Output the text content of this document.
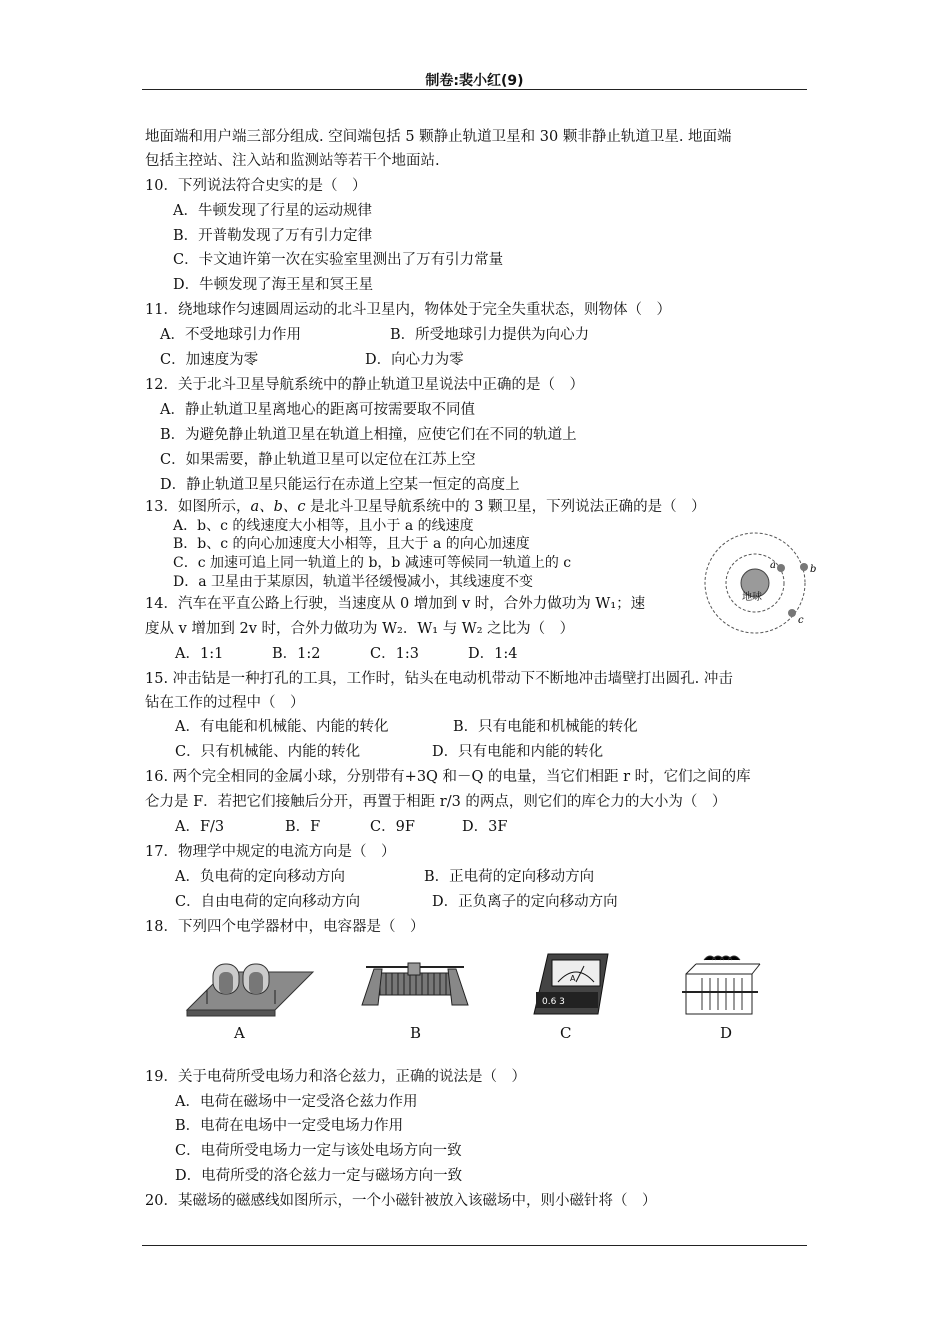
制卷:裴小红(9)
地面端和用户端三部分组成. 空间端包括 5 颗静止轨道卫星和 30 颗非静止轨道卫星. 地面端
包括主控站、注入站和监测站等若干个地面站.
10．下列说法符合史实的是（　）
A．牛顿发现了行星的运动规律
B．开普勒发现了万有引力定律
C．卡文迪许第一次在实验室里测出了万有引力常量
D．牛顿发现了海王星和冥王星
11．绕地球作匀速圆周运动的北斗卫星内，物体处于完全失重状态，则物体（　）
A．不受地球引力作用	B．所受地球引力提供为向心力
C．加速度为零	D．向心力为零
12．关于北斗卫星导航系统中的静止轨道卫星说法中正确的是（　）
A．静止轨道卫星离地心的距离可按需要取不同值
B．为避免静止轨道卫星在轨道上相撞，应使它们在不同的轨道上
C．如果需要，静止轨道卫星可以定位在江苏上空
D．静止轨道卫星只能运行在赤道上空某一恒定的高度上
13．如图所示，a、b、c 是北斗卫星导航系统中的 3 颗卫星，下列说法正确的是（　）
A．b、c 的线速度大小相等，且小于 a 的线速度
B．b、c 的向心加速度大小相等，且大于 a 的向心加速度
C．c 加速可追上同一轨道上的 b，b 减速可等候同一轨道上的 c
D．a 卫星由于某原因，轨道半径缓慢减小，其线速度不变
地球
a	b
c
14．汽车在平直公路上行驶，当速度从 0 增加到 v 时，合外力做功为 W₁；速
度从 v 增加到 2v 时，合外力做功为 W₂．W₁ 与 W₂ 之比为（　）
A．1:1	B．1:2	C．1:3	D．1:4
15. 冲击钻是一种打孔的工具，工作时，钻头在电动机带动下不断地冲击墙壁打出圆孔. 冲击
钻在工作的过程中（　）
A．有电能和机械能、内能的转化	B．只有电能和机械能的转化
C．只有机械能、内能的转化	D．只有电能和内能的转化
16. 两个完全相同的金属小球，分别带有+3Q 和－Q 的电量，当它们相距 r 时，它们之间的库
仑力是 F．若把它们接触后分开，再置于相距 r/3 的两点，则它们的库仑力的大小为（　）
A．F/3	B．F	C．9F	D．3F
17．物理学中规定的电流方向是（　）
A．负电荷的定向移动方向	B．正电荷的定向移动方向
C．自由电荷的定向移动方向	D．正负离子的定向移动方向
18．下列四个电学器材中，电容器是（　）
A
0.6 3
A	B	C	D
19．关于电荷所受电场力和洛仑兹力，正确的说法是（　）
A．电荷在磁场中一定受洛仑兹力作用
B．电荷在电场中一定受电场力作用
C．电荷所受电场力一定与该处电场方向一致
D．电荷所受的洛仑兹力一定与磁场方向一致
20．某磁场的磁感线如图所示，一个小磁针被放入该磁场中，则小磁针将（　）
